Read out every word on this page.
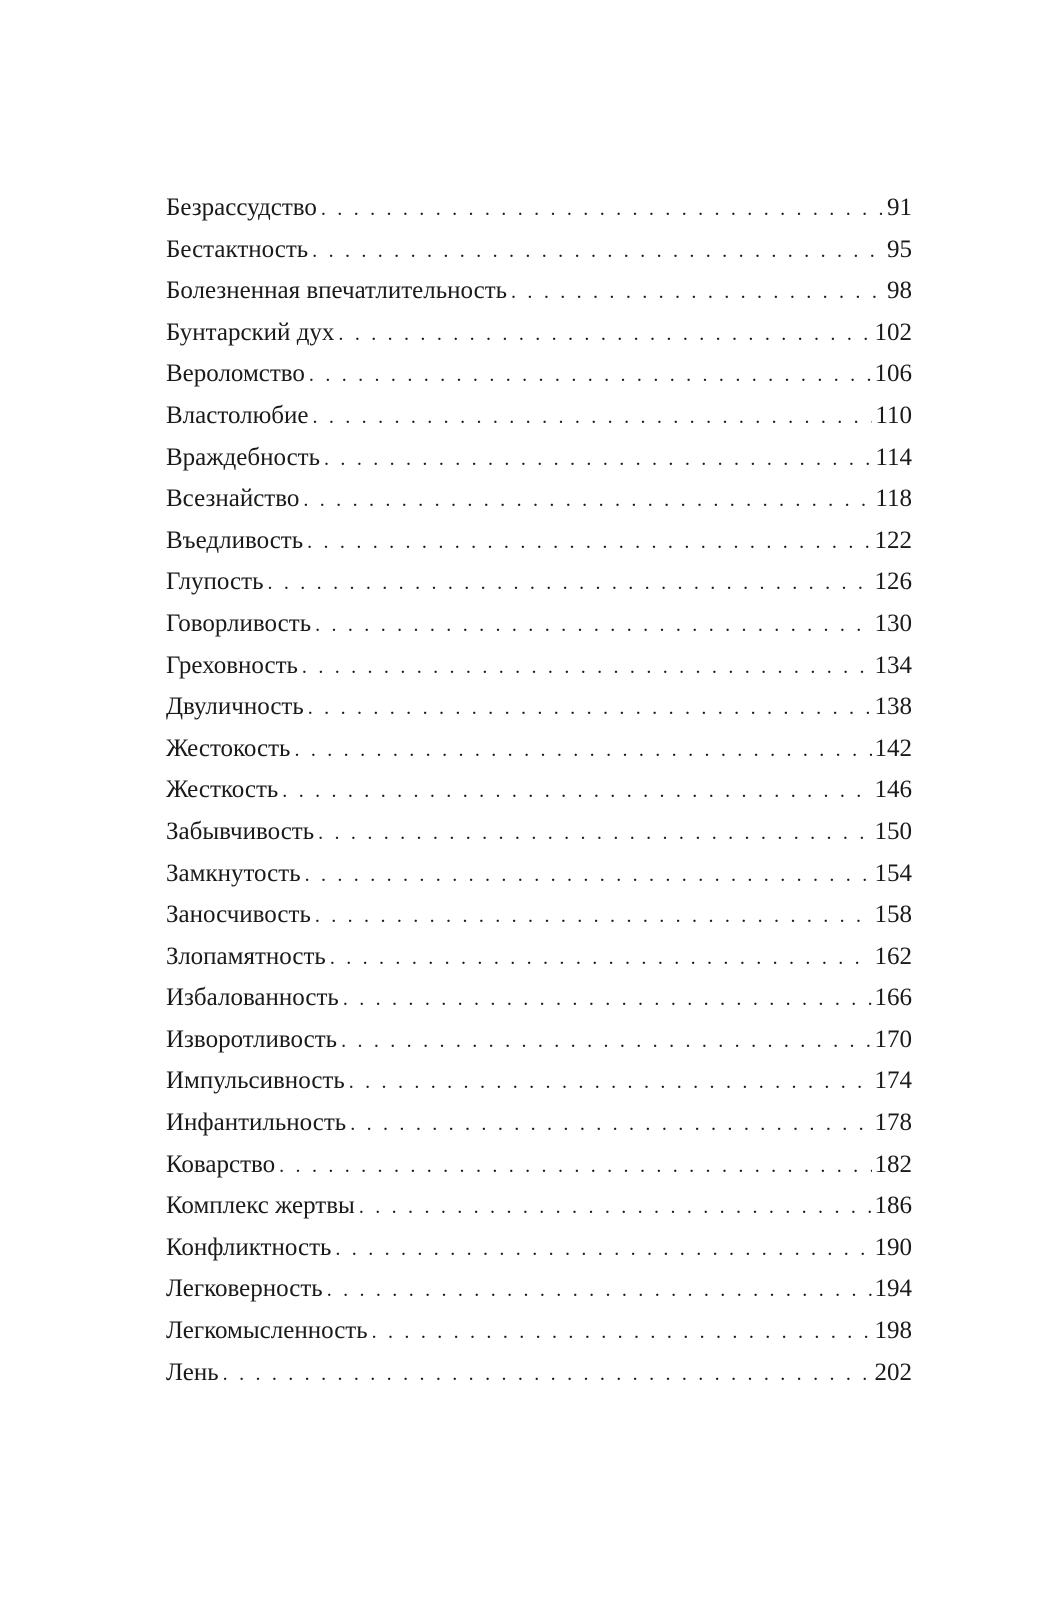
Безрассудство . . .	91
Бестактность . . .	95
Болезненная впечатлительность . . .	98
Бунтарский дух . . .	102
Вероломство . . .	106
Властолюбие . . .	110
Враждебность . . .	114
Всезнайство . . .	118
Въедливость . . .	122
Глупость . . .	126
Говорливость . . .	130
Греховность . . .	134
Двуличность . . .	138
Жестокость . . .	142
Жесткость . . .	146
Забывчивость . . .	150
Замкнутость . . .	154
Заносчивость . . .	158
Злопамятность . . .	162
Избалованность . . .	166
Изворотливость . . .	170
Импульсивность . . .	174
Инфантильность . . .	178
Коварство . . .	182
Комплекс жертвы . . .	186
Конфликтность . . .	190
Легковерность . . .	194
Легкомысленность . . .	198
Лень . . .	202
